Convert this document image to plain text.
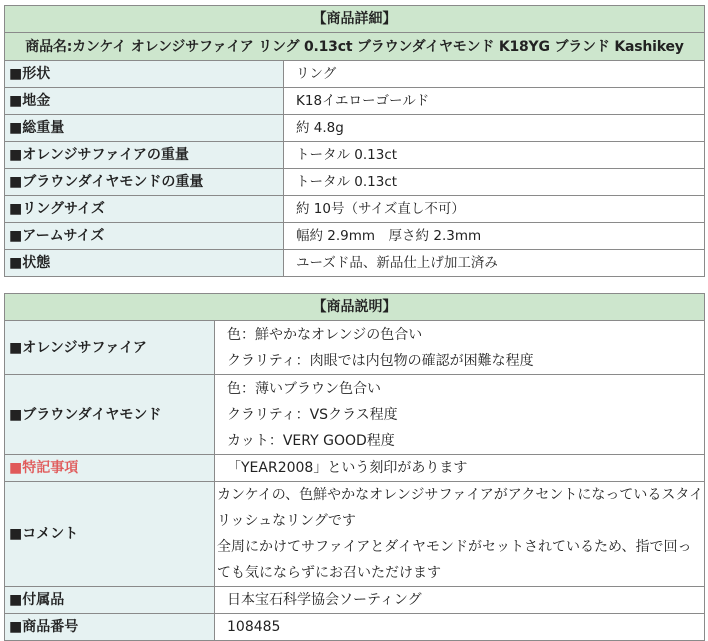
【商品詳細】	
商品名:カンケイ オレンジサファイア リング 0.13ct ブラウンダイヤモンド K18YG ブランド Kashikey	
■形状	リング
■地金	K18イエローゴールド
■総重量	約 4.8g
■オレンジサファイアの重量	トータル 0.13ct
■ブラウンダイヤモンドの重量	トータル 0.13ct
■リングサイズ	約 10号（サイズ直し不可）
■アームサイズ	幅約 2.9mm　厚さ約 2.3mm
■状態	ユーズド品、新品仕上げ加工済み
【商品説明】	
■オレンジサファイア	色：鮮やかなオレンジの色合い
クラリティ：肉眼では内包物の確認が困難な程度

■ブラウンダイヤモンド	色：薄いブラウン色合い
クラリティ：VSクラス程度
カット：VERY GOOD程度

■特記事項	「YEAR2008」という刻印があります
■コメント	カンケイの、色鮮やかなオレンジサファイアがアクセントになっているスタイリッシュなリングです
全周にかけてサファイアとダイヤモンドがセットされているため、指で回っても気にならずにお召いただけます

■付属品	日本宝石科学協会ソーティング
■商品番号	108485
